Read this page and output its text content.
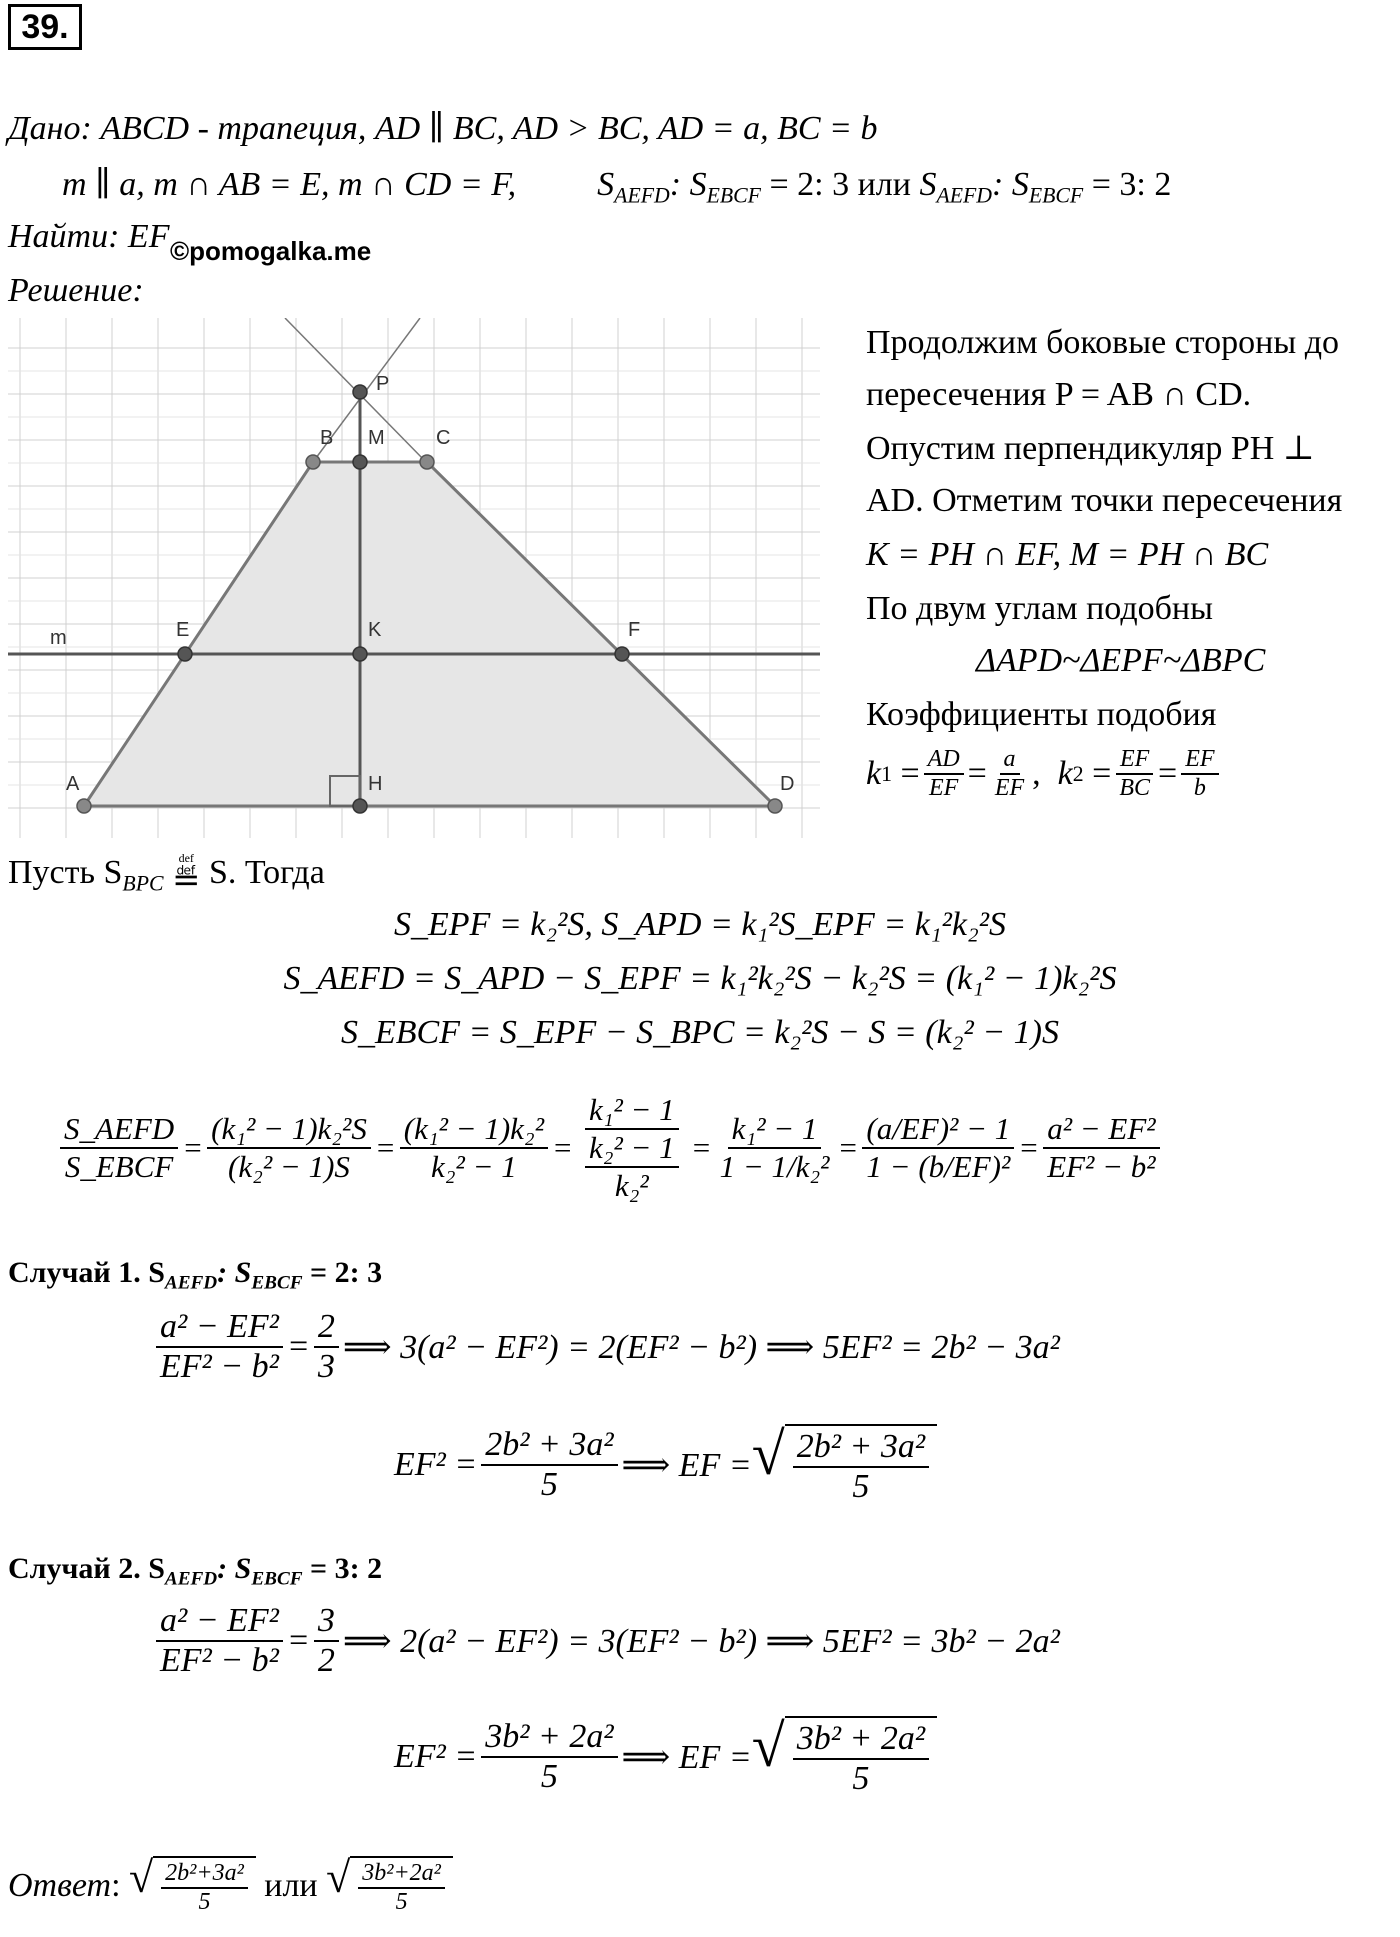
39.
Дано: ABCD - трапеция, AD ∥ BC, AD > BC, AD = a, BC = b
m ∥ a, m ∩ AB = E, m ∩ CD = F, $S_{AEFD}$: $S_{EBCF} = 2$: 3 или $S_{AEFD}$: $S_{EBCF} = 3$: 2
Найти: EF ©pomogalka.me
Решение:
P
B M	C
E	K	F
A	H	D
m
Продолжим боковые стороны до
пересечения P = AB ∩ CD.
Опустим перпендикуляр PH ⊥
AD. Отметим точки пересечения
K = PH ∩ EF, M = PH ∩ BC
По двум углам подобны
ΔAPD~ΔEPF~ΔBPC
Коэффициенты подобия
k $1 = \frac{AD}{EF} = \frac{a}{EF}$ , k $2 = \frac{EF}{BC} = \frac{EF}{b}$
Пусть $S_{BPC}$
def
≝ S. Тогда
S_EPF = k₂²S, S_APD = k₁²S_EPF = k₁²k₂²S
S_AEFD = S_APD − S_EPF = k₁²k₂²S − k₂²S = (k₁² − 1)k₂²S
S_EBCF = S_EPF − S_BPC = k₂²S − S = (k₂² − 1)S
$\frac{\text{S\_AEFD}}{\text{S\_EBCF}} = \frac{\text{(k₁² − 1)k₂²S}}{\text{(k₂² − 1)S}} = \frac{\text{(k₁² − 1)k₂²}}{\text{k₂² − 1}} = \frac{\text{k₁² − 1}}{\frac{\text{k₂² − 1}}{\text{k₂²}}} = \frac{\text{k₁² − 1}}{\text{1 − 1/k₂²}} = \frac{\text{(a/EF)² − 1}}{\text{1 − (b/EF)²}} = \frac{\text{a² − EF²}}{\text{EF² − b²}}$
Случай 1. $S_{AEFD}$: $S_{EBCF} = 2$: 3
$\frac{\text{a² − EF²}}{\text{EF² − b²}} = \frac{2}{3}$ ⟹ 3(a² − EF²) = 2(EF² − b²) ⟹ 5EF² = 2b² − 3a²
$EF^2 = \frac{\text{2b² + 3a²}}{5}$ ⟹ EF = √ $\frac{\text{2b² + 3a²}}{5}$
Случай 2. $S_{AEFD}$: $S_{EBCF} = 3$: 2
$\frac{\text{a² − EF²}}{\text{EF² − b²}} = \frac{3}{2}$ ⟹ 2(a² − EF²) = 3(EF² − b²) ⟹ 5EF² = 3b² − 2a²
$EF^2 = \frac{\text{3b² + 2a²}}{5}$ ⟹ EF = √ $\frac{\text{3b² + 2a²}}{5}$
Ответ : √ $\frac{\text{2b²+3a²}}{5}$
или
√ $\frac{\text{3b²+2a²}}{5}$
